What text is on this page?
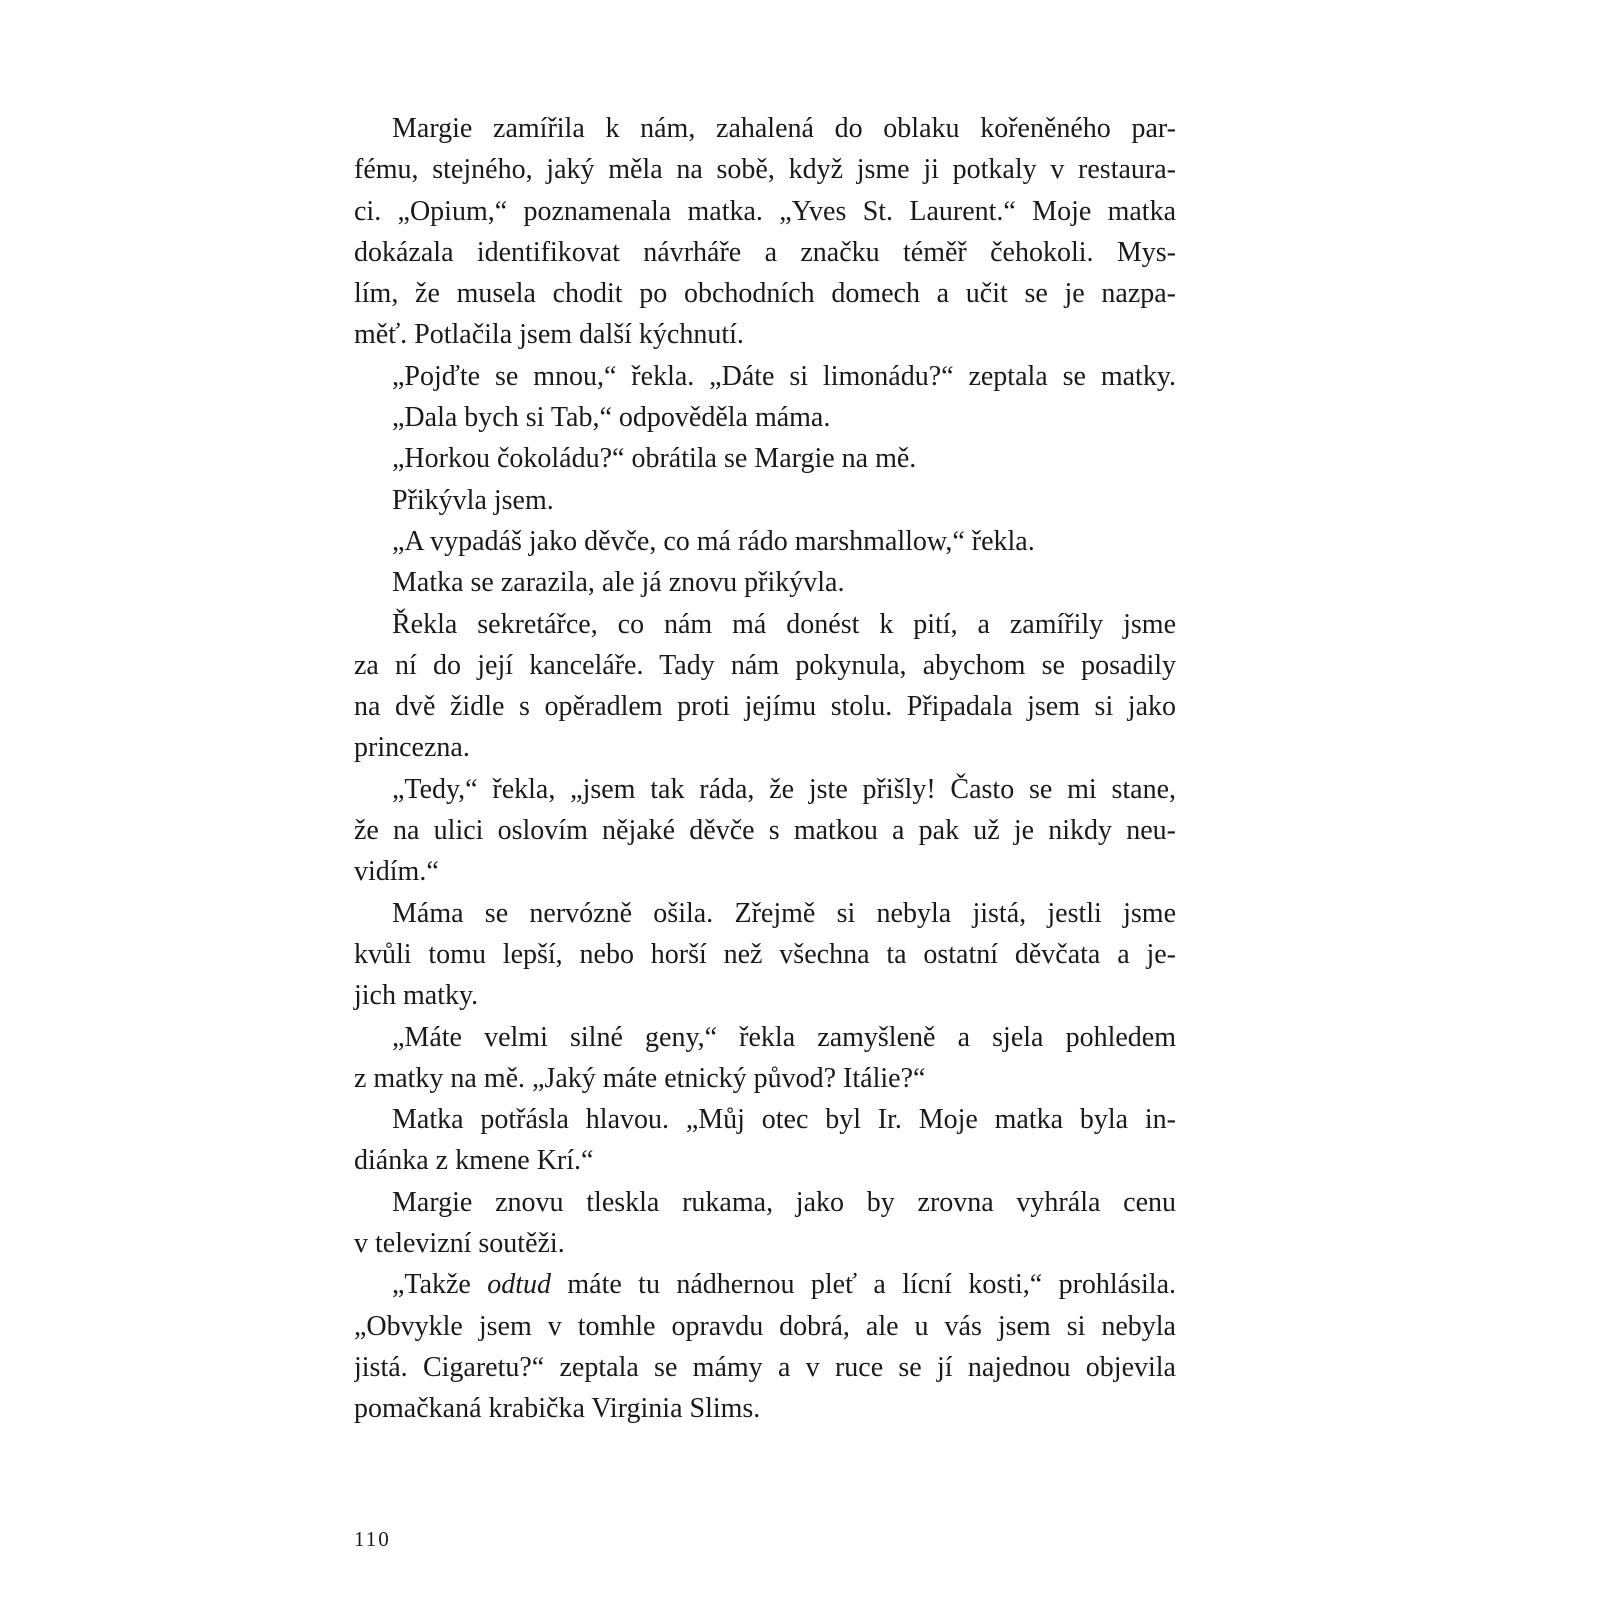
Margie zamířila k nám, zahalená do oblaku kořeněného par-
fému, stejného, jaký měla na sobě, když jsme ji potkaly v restaura-
ci. „Opium,“ poznamenala matka. „Yves St. Laurent.“ Moje matka
dokázala identifikovat návrháře a značku téměř čehokoli. Mys-
lím, že musela chodit po obchodních domech a učit se je nazpa-
měť. Potlačila jsem další kýchnutí.
„Pojďte se mnou,“ řekla. „Dáte si limonádu?“ zeptala se matky.
„Dala bych si Tab,“ odpověděla máma.
„Horkou čokoládu?“ obrátila se Margie na mě.
Přikývla jsem.
„A vypadáš jako děvče, co má rádo marshmallow,“ řekla.
Matka se zarazila, ale já znovu přikývla.
Řekla sekretářce, co nám má donést k pití, a zamířily jsme
za ní do její kanceláře. Tady nám pokynula, abychom se posadily
na dvě židle s opěradlem proti jejímu stolu. Připadala jsem si jako
princezna.
„Tedy,“ řekla, „jsem tak ráda, že jste přišly! Často se mi stane,
že na ulici oslovím nějaké děvče s matkou a pak už je nikdy neu-
vidím.“
Máma se nervózně ošila. Zřejmě si nebyla jistá, jestli jsme
kvůli tomu lepší, nebo horší než všechna ta ostatní děvčata a je-
jich matky.
„Máte velmi silné geny,“ řekla zamyšleně a sjela pohledem
z matky na mě. „Jaký máte etnický původ? Itálie?“
Matka potřásla hlavou. „Můj otec byl Ir. Moje matka byla in-
diánka z kmene Krí.“
Margie znovu tleskla rukama, jako by zrovna vyhrála cenu
v televizní soutěži.
„Takže odtud máte tu nádhernou pleť a lícní kosti,“ prohlásila.
„Obvykle jsem v tomhle opravdu dobrá, ale u vás jsem si nebyla
jistá. Cigaretu?“ zeptala se mámy a v ruce se jí najednou objevila
pomačkaná krabička Virginia Slims.
110
